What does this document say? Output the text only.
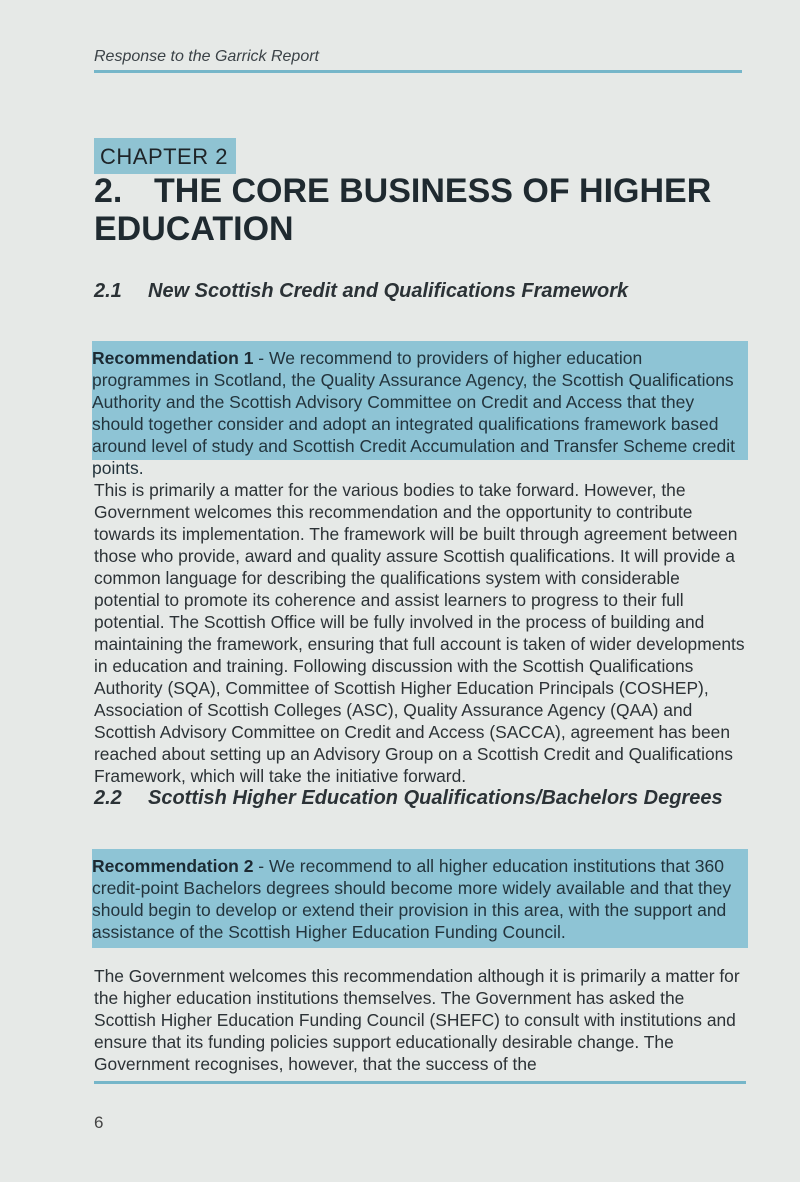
Response to the Garrick Report
CHAPTER 2
2. THE CORE BUSINESS OF HIGHER EDUCATION
2.1 New Scottish Credit and Qualifications Framework
Recommendation 1 - We recommend to providers of higher education programmes in Scotland, the Quality Assurance Agency, the Scottish Qualifications Authority and the Scottish Advisory Committee on Credit and Access that they should together consider and adopt an integrated qualifications framework based around level of study and Scottish Credit Accumulation and Transfer Scheme credit points.

This is primarily a matter for the various bodies to take forward. However, the Government welcomes this recommendation and the opportunity to contribute towards its implementation. The framework will be built through agreement between those who provide, award and quality assure Scottish qualifications. It will provide a common language for describing the qualifications system with considerable potential to promote its coherence and assist learners to progress to their full potential. The Scottish Office will be fully involved in the process of building and maintaining the framework, ensuring that full account is taken of wider developments in education and training. Following discussion with the Scottish Qualifications Authority (SQA), Committee of Scottish Higher Education Principals (COSHEP), Association of Scottish Colleges (ASC), Quality Assurance Agency (QAA) and Scottish Advisory Committee on Credit and Access (SACCA), agreement has been reached about setting up an Advisory Group on a Scottish Credit and Qualifications Framework, which will take the initiative forward.

2.2 Scottish Higher Education Qualifications/Bachelors Degrees
Recommendation 2 - We recommend to all higher education institutions that 360 credit-point Bachelors degrees should become more widely available and that they should begin to develop or extend their provision in this area, with the support and assistance of the Scottish Higher Education Funding Council.

The Government welcomes this recommendation although it is primarily a matter for the higher education institutions themselves. The Government has asked the Scottish Higher Education Funding Council (SHEFC) to consult with institutions and ensure that its funding policies support educationally desirable change. The Government recognises, however, that the success of the

6
